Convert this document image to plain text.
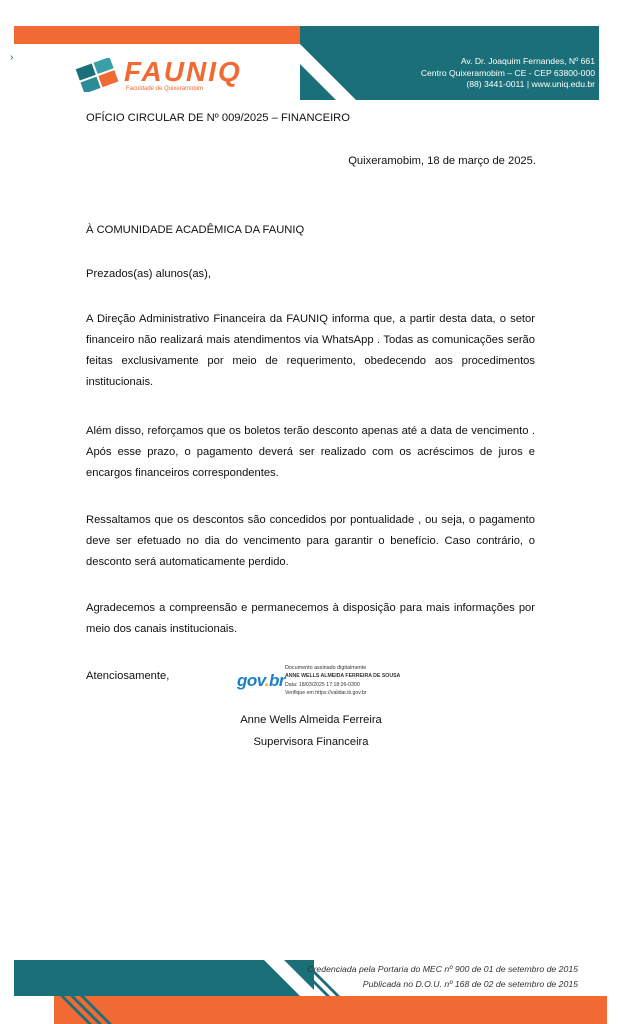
›	FAUNIQ
Faculdade de Quixeramobim
Av. Dr. Joaquim Fernandes, Nº 661
Centro Quixeramobim – CE - CEP 63800-000
(88) 3441-0011 | www.uniq.edu.br
OFÍCIO CIRCULAR DE Nº 009/2025 – FINANCEIRO
Quixeramobim, 18 de março de 2025.
À COMUNIDADE ACADÊMICA DA FAUNIQ
Prezados(as) alunos(as),
A Direção Administrativo Financeira da FAUNIQ informa que, a partir desta data, o setor financeiro não realizará mais atendimentos via WhatsApp . Todas as comunicações serão feitas exclusivamente por meio de requerimento, obedecendo aos procedimentos institucionais.
Além disso, reforçamos que os boletos terão desconto apenas até a data de vencimento . Após esse prazo, o pagamento deverá ser realizado com os acréscimos de juros e encargos financeiros correspondentes.
Ressaltamos que os descontos são concedidos por pontualidade , ou seja, o pagamento deve ser efetuado no dia do vencimento para garantir o benefício. Caso contrário, o desconto será automaticamente perdido.
Agradecemos a compreensão e permanecemos à disposição para mais informações por meio dos canais institucionais.
Atenciosamente,	gov.br
Documento assinado digitalmente
ANNE WELLS ALMEIDA FERREIRA DE SOUSA
Data: 18/03/2025 17:18:26-0300
Verifique em https://validar.iti.gov.br
Anne Wells Almeida Ferreira
Supervisora Financeira
Credenciada pela Portaria do MEC nº 900 de 01 de setembro de 2015
Publicada no D.O.U. nº 168 de 02 de setembro de 2015
